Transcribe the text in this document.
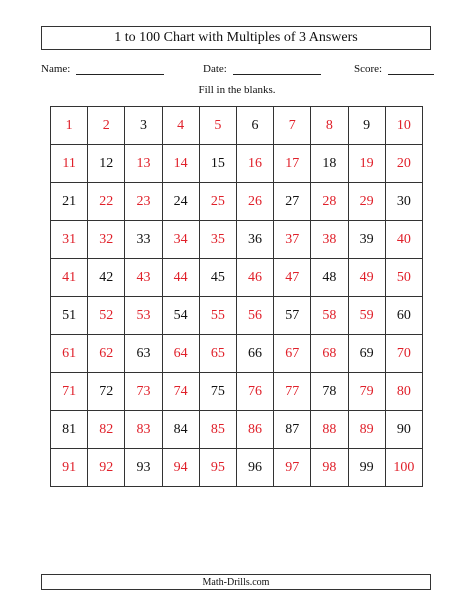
1 to 100 Chart with Multiples of 3 Answers
Name:	Date:	Score:
Fill in the blanks.
1	2	3	4	5	6	7	8	9	10
11	12	13	14	15	16	17	18	19	20
21	22	23	24	25	26	27	28	29	30
31	32	33	34	35	36	37	38	39	40
41	42	43	44	45	46	47	48	49	50
51	52	53	54	55	56	57	58	59	60
61	62	63	64	65	66	67	68	69	70
71	72	73	74	75	76	77	78	79	80
81	82	83	84	85	86	87	88	89	90
91	92	93	94	95	96	97	98	99	100
Math-Drills.com
